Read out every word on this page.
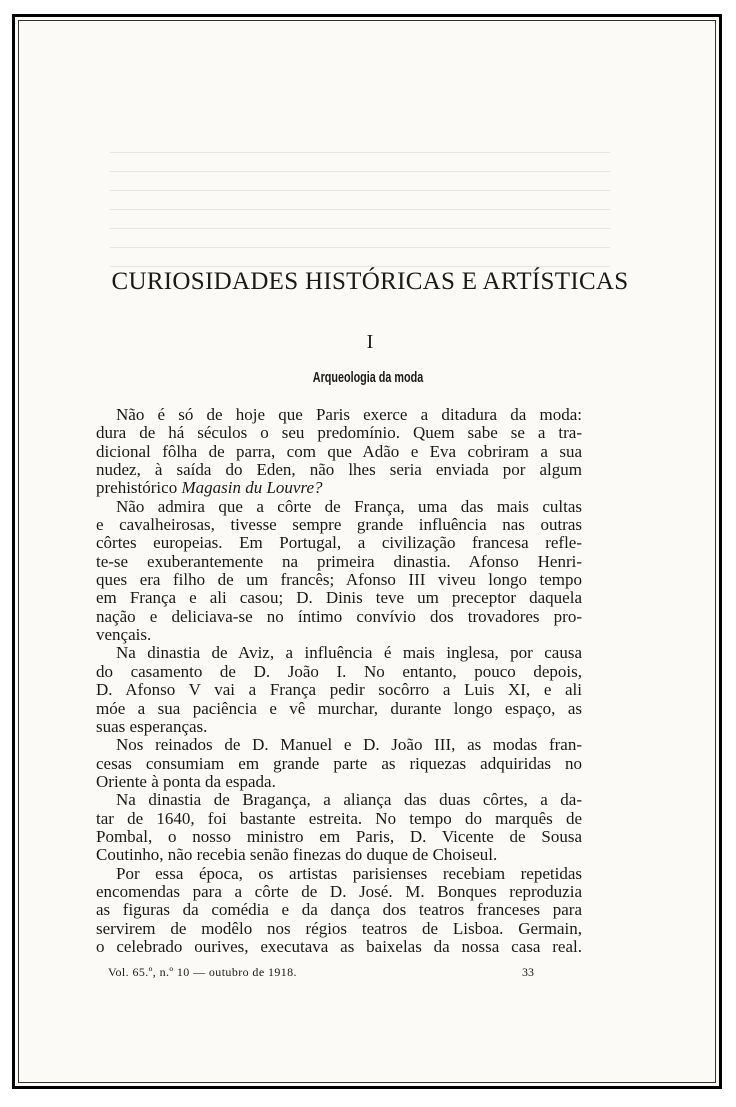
CURIOSIDADES HISTÓRICAS E ARTÍSTICAS
I
Arqueologia da moda
Não é só de hoje que Paris exerce a ditadura da moda:
dura de há séculos o seu predomínio. Quem sabe se a tra-
dicional fôlha de parra, com que Adão e Eva cobriram a sua
nudez, à saída do Eden, não lhes seria enviada por algum
prehistórico Magasin du Louvre?
Não admira que a côrte de França, uma das mais cultas
e cavalheirosas, tivesse sempre grande influência nas outras
côrtes europeias. Em Portugal, a civilização francesa refle-
te-se exuberantemente na primeira dinastia. Afonso Henri-
ques era filho de um francês; Afonso III viveu longo tempo
em França e ali casou; D. Dinis teve um preceptor daquela
nação e deliciava-se no íntimo convívio dos trovadores pro-
vençais.
Na dinastia de Aviz, a influência é mais inglesa, por causa
do casamento de D. João I. No entanto, pouco depois,
D. Afonso V vai a França pedir socôrro a Luis XI, e ali
móe a sua paciência e vê murchar, durante longo espaço, as
suas esperanças.
Nos reinados de D. Manuel e D. João III, as modas fran-
cesas consumiam em grande parte as riquezas adquiridas no
Oriente à ponta da espada.
Na dinastia de Bragança, a aliança das duas côrtes, a da-
tar de 1640, foi bastante estreita. No tempo do marquês de
Pombal, o nosso ministro em Paris, D. Vicente de Sousa
Coutinho, não recebia senão finezas do duque de Choiseul.
Por essa época, os artistas parisienses recebiam repetidas
encomendas para a côrte de D. José. M. Bonques reproduzia
as figuras da comédia e da dança dos teatros franceses para
servirem de modêlo nos régios teatros de Lisboa. Germain,
o celebrado ourives, executava as baixelas da nossa casa real.
Vol. 65.º, n.º 10 — outubro de 1918.	33
